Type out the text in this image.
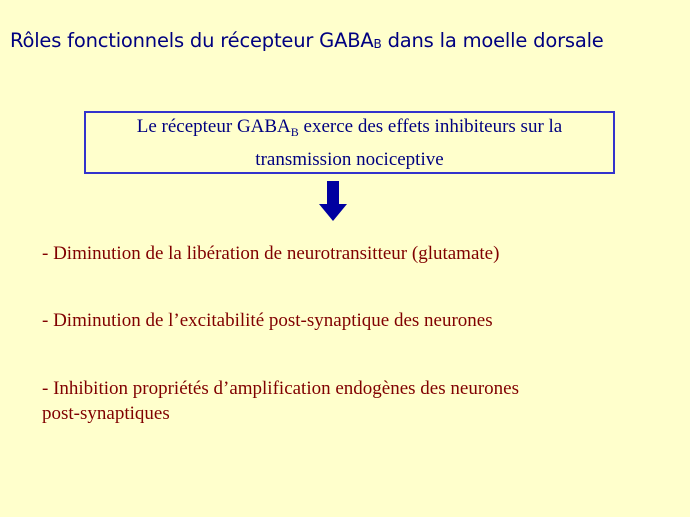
Rôles fonctionnels du récepteur GABAB dans la moelle dorsale
Le récepteur $GABA_B$ exerce des effets inhibiteurs sur la
transmission nociceptive
- Diminution de la libération de neurotransitteur (glutamate)
- Diminution de l’excitabilité post-synaptique des neurones
- Inhibition propriétés d’amplification endogènes des neurones
post-synaptiques
